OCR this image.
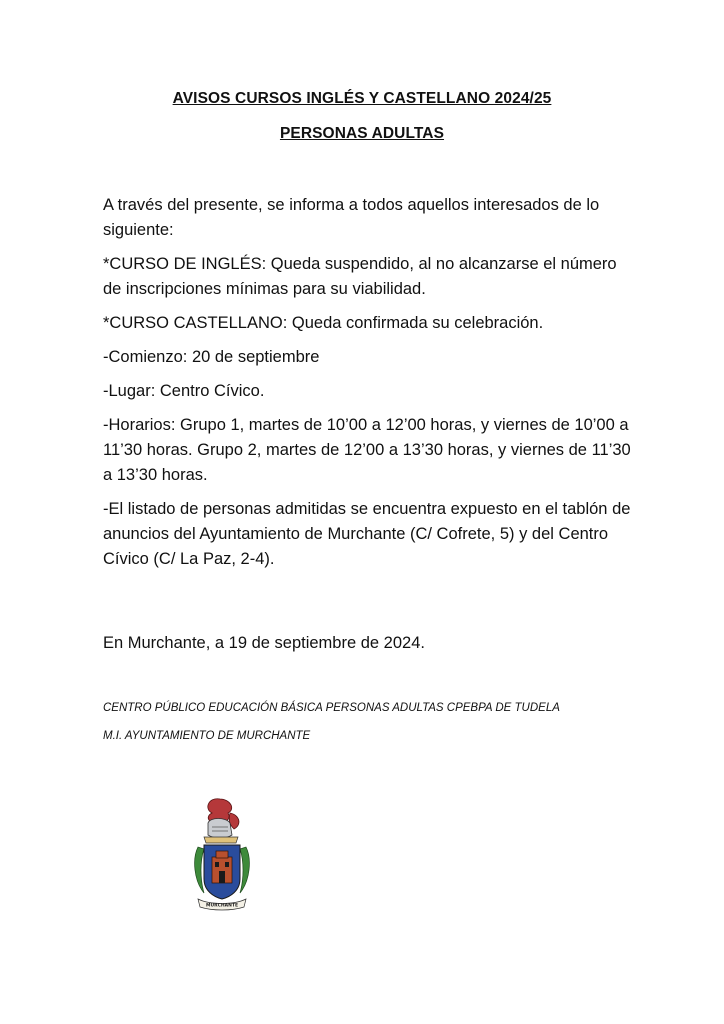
AVISOS CURSOS INGLÉS Y CASTELLANO 2024/25
PERSONAS ADULTAS

A través del presente, se informa a todos aquellos interesados de lo siguiente:

*CURSO DE INGLÉS: Queda suspendido, al no alcanzarse el número de inscripciones mínimas para su viabilidad.

*CURSO CASTELLANO: Queda confirmada su celebración.

-Comienzo: 20 de septiembre

-Lugar: Centro Cívico.

-Horarios: Grupo 1, martes de 10’00 a 12’00 horas, y viernes de 10’00 a 11’30 horas. Grupo 2, martes de 12’00 a 13’30 horas, y viernes de 11’30 a 13’30 horas.

-El listado de personas admitidas se encuentra expuesto en el tablón de anuncios del Ayuntamiento de Murchante (C/ Cofrete, 5) y del Centro Cívico (C/ La Paz, 2-4).

En Murchante, a 19 de septiembre de 2024.

CENTRO PÚBLICO EDUCACIÓN BÁSICA PERSONAS ADULTAS CPEBPA DE TUDELA

M.I. AYUNTAMIENTO DE MURCHANTE

MURCHANTE
